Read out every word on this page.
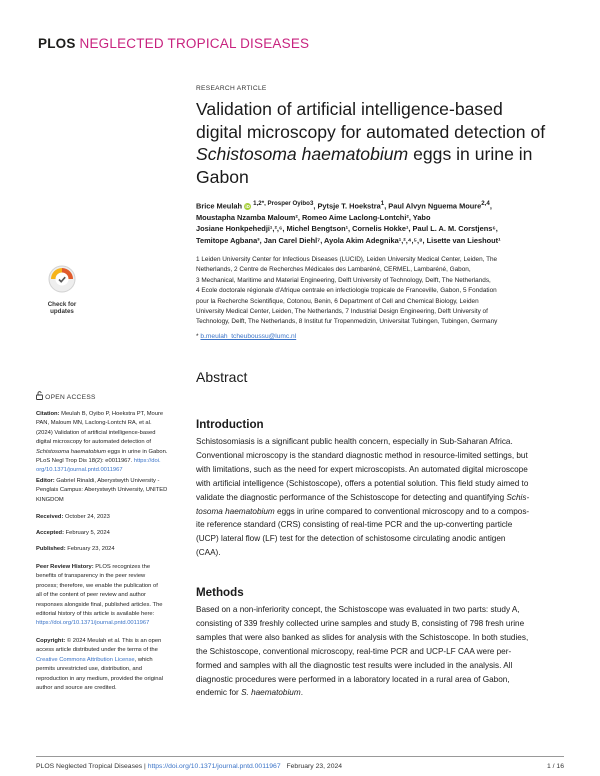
PLOS NEGLECTED TROPICAL DISEASES
RESEARCH ARTICLE
Validation of artificial intelligence-based
digital microscopy for automated detection of
Schistosoma haematobium eggs in urine in
Gabon
Brice Meulah iD $^{1,2*, Prosper Oyibo3}$, Pytsje T. Hoekstra$^1$, Paul Alvyn Nguema Moure$^{2,4}$,
Moustapha Nzamba Maloum², Romeo Aime Laclong-Lontchi², Yabo
Josiane Honkpehedji¹,²,⁶, Michel Bengtson¹, Cornelis Hokke¹, Paul L. A. M. Corstjens⁶,
Temitope Agbana³, Jan Carel Diehl⁷, Ayola Akim Adegnika¹,²,⁴,⁵,⁸, Lisette van Lieshout¹
1 Leiden University Center for Infectious Diseases (LUCID), Leiden University Medical Center, Leiden, The
Netherlands, 2 Centre de Recherches Médicales des Lambaréné, CERMEL, Lambaréné, Gabon,
3 Mechanical, Maritime and Material Engineering, Delft University of Technology, Delft, The Netherlands,
4 Ecole doctorale régionale d'Afrique centrale en infectiologie tropicale de Franceville, Gabon, 5 Fondation
pour la Recherche Scientifique, Cotonou, Benin, 6 Department of Cell and Chemical Biology, Leiden
University Medical Center, Leiden, The Netherlands, 7 Industrial Design Engineering, Delft University of
Technology, Delft, The Netherlands, 8 Institut fur Tropenmedizin, Universitat Tubingen, Tubingen, Germany
* b.meulah_tcheuboussu@lumc.nl
Abstract
Introduction
Schistosomiasis is a significant public health concern, especially in Sub-Saharan Africa.
Conventional microscopy is the standard diagnostic method in resource-limited settings, but
with limitations, such as the need for expert microscopists. An automated digital microscope
with artificial intelligence (Schistoscope), offers a potential solution. This field study aimed to
validate the diagnostic performance of the Schistoscope for detecting and quantifying Schis-
tosoma haematobium eggs in urine compared to conventional microscopy and to a compos-
ite reference standard (CRS) consisting of real-time PCR and the up-converting particle
(UCP) lateral flow (LF) test for the detection of schistosome circulating anodic antigen
(CAA).
Methods
Based on a non-inferiority concept, the Schistoscope was evaluated in two parts: study A,
consisting of 339 freshly collected urine samples and study B, consisting of 798 fresh urine
samples that were also banked as slides for analysis with the Schistoscope. In both studies,
the Schistoscope, conventional microscopy, real-time PCR and UCP-LF CAA were per-
formed and samples with all the diagnostic test results were included in the analysis. All
diagnostic procedures were performed in a laboratory located in a rural area of Gabon,
endemic for S. haematobium.
Check for
updates
OPEN ACCESS
Citation: Meulah B, Oyibo P, Hoekstra PT, Moure
PAN, Maloum MN, Laclong-Lontchi RA, et al.
(2024) Validation of artificial intelligence-based
digital microscopy for automated detection of
Schistosoma haematobium eggs in urine in Gabon.
PLoS Negl Trop Dis 18(2): e0011967. https://doi.
org/10.1371/journal.pntd.0011967
Editor: Gabriel Rinaldi, Aberystwyth University -
Penglais Campus: Aberystwyth University, UNITED
KINGDOM
Received: October 24, 2023
Accepted: February 5, 2024
Published: February 23, 2024
Peer Review History: PLOS recognizes the
benefits of transparency in the peer review
process; therefore, we enable the publication of
all of the content of peer review and author
responses alongside final, published articles. The
editorial history of this article is available here:
https://doi.org/10.1371/journal.pntd.0011967
Copyright: © 2024 Meulah et al. This is an open
access article distributed under the terms of the
Creative Commons Attribution License, which
permits unrestricted use, distribution, and
reproduction in any medium, provided the original
author and source are credited.
PLOS Neglected Tropical Diseases | https://doi.org/10.1371/journal.pntd.0011967 February 23, 2024	1 / 16
